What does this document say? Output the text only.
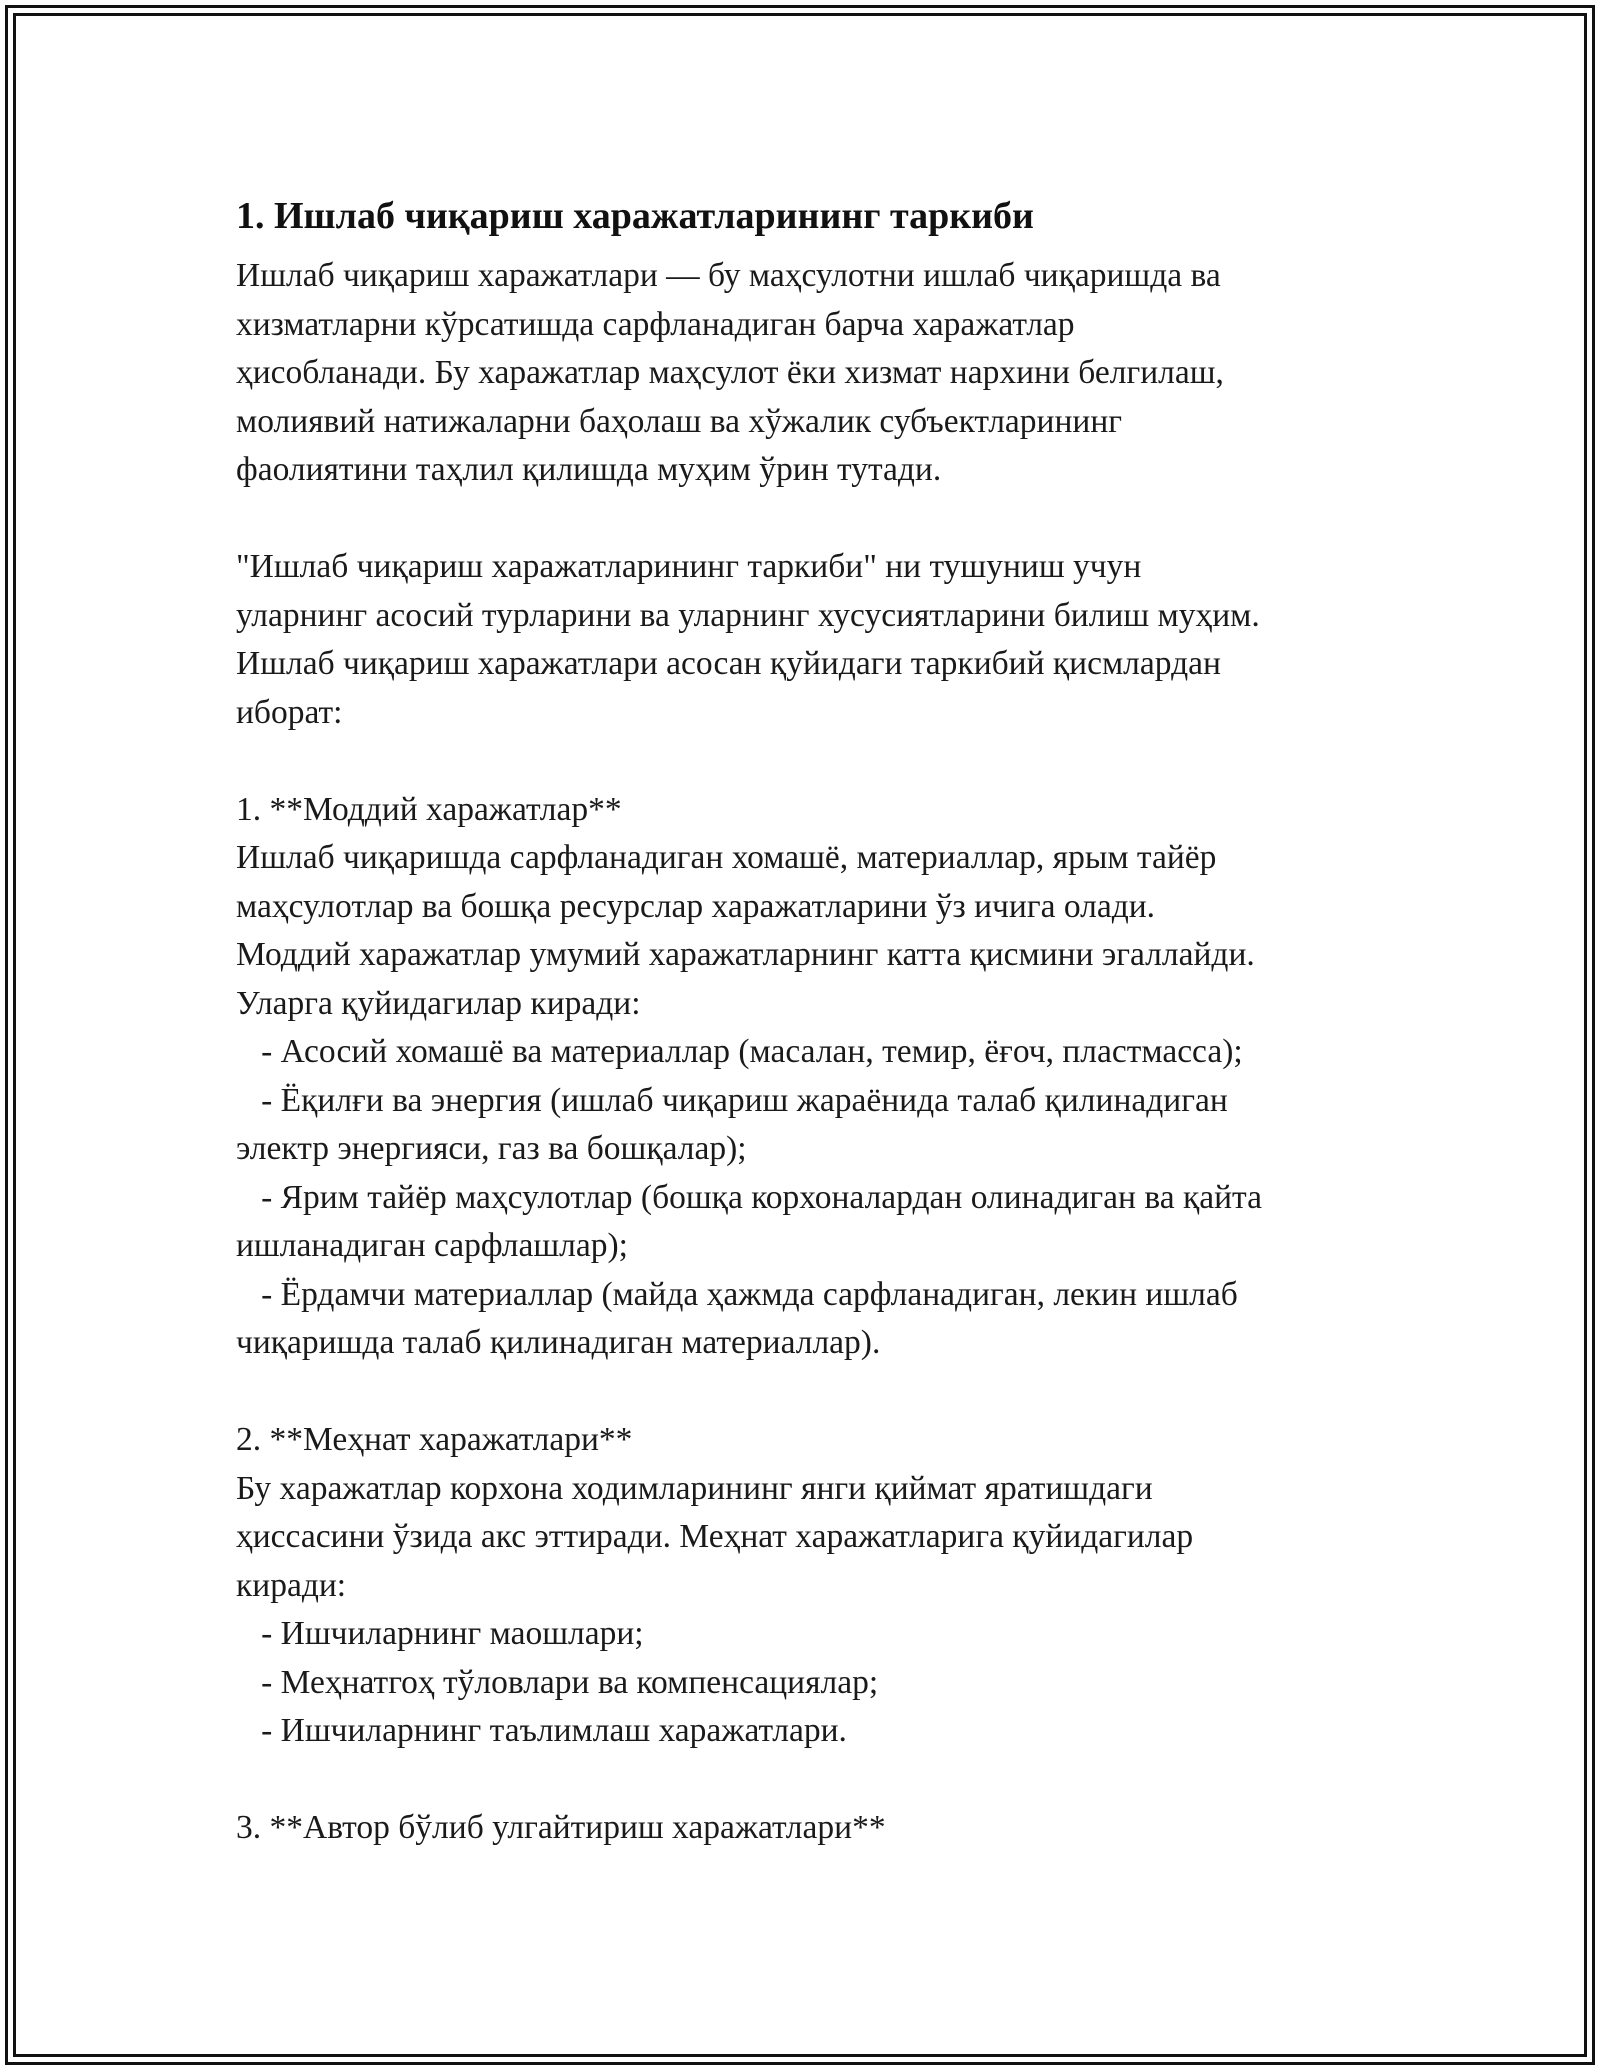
1. Ишлаб чиқариш харажатларининг таркиби

Ишлаб чиқариш харажатлари — бу маҳсулотни ишлаб чиқаришда ва
хизматларни кўрсатишда сарфланадиган барча харажатлар
ҳисобланади. Бу харажатлар маҳсулот ёки хизмат нархини белгилаш,
молиявий натижаларни баҳолаш ва хўжалик субъектларининг
фаолиятини таҳлил қилишда муҳим ўрин тутади.

"Ишлаб чиқариш харажатларининг таркиби" ни тушуниш учун
уларнинг асосий турларини ва уларнинг хусусиятларини билиш муҳим.
Ишлаб чиқариш харажатлари асосан қуйидаги таркибий қисмлардан
иборат:

1. **Моддий харажатлар**
Ишлаб чиқаришда сарфланадиган хомашё, материаллар, ярым тайёр
маҳсулотлар ва бошқа ресурслар харажатларини ўз ичига олади.
Моддий харажатлар умумий харажатларнинг катта қисмини эгаллайди.
Уларга қуйидагилар киради:
- Асосий хомашё ва материаллар (масалан, темир, ёғоч, пластмасса);
- Ёқилғи ва энергия (ишлаб чиқариш жараёнида талаб қилинадиган
электр энергияси, газ ва бошқалар);
- Ярим тайёр маҳсулотлар (бошқа корхоналардан олинадиган ва қайта
ишланадиган сарфлашлар);
- Ёрдамчи материаллар (майда ҳажмда сарфланадиган, лекин ишлаб
чиқаришда талаб қилинадиган материаллар).

2. **Меҳнат харажатлари**
Бу харажатлар корхона ходимларининг янги қиймат яратишдаги
ҳиссасини ўзида акс эттиради. Меҳнат харажатларига қуйидагилар
киради:
- Ишчиларнинг маошлари;
- Меҳнатгоҳ тўловлари ва компенсациялар;
- Ишчиларнинг таълимлаш харажатлари.

3. **Автор бўлиб улгайтириш харажатлари**
